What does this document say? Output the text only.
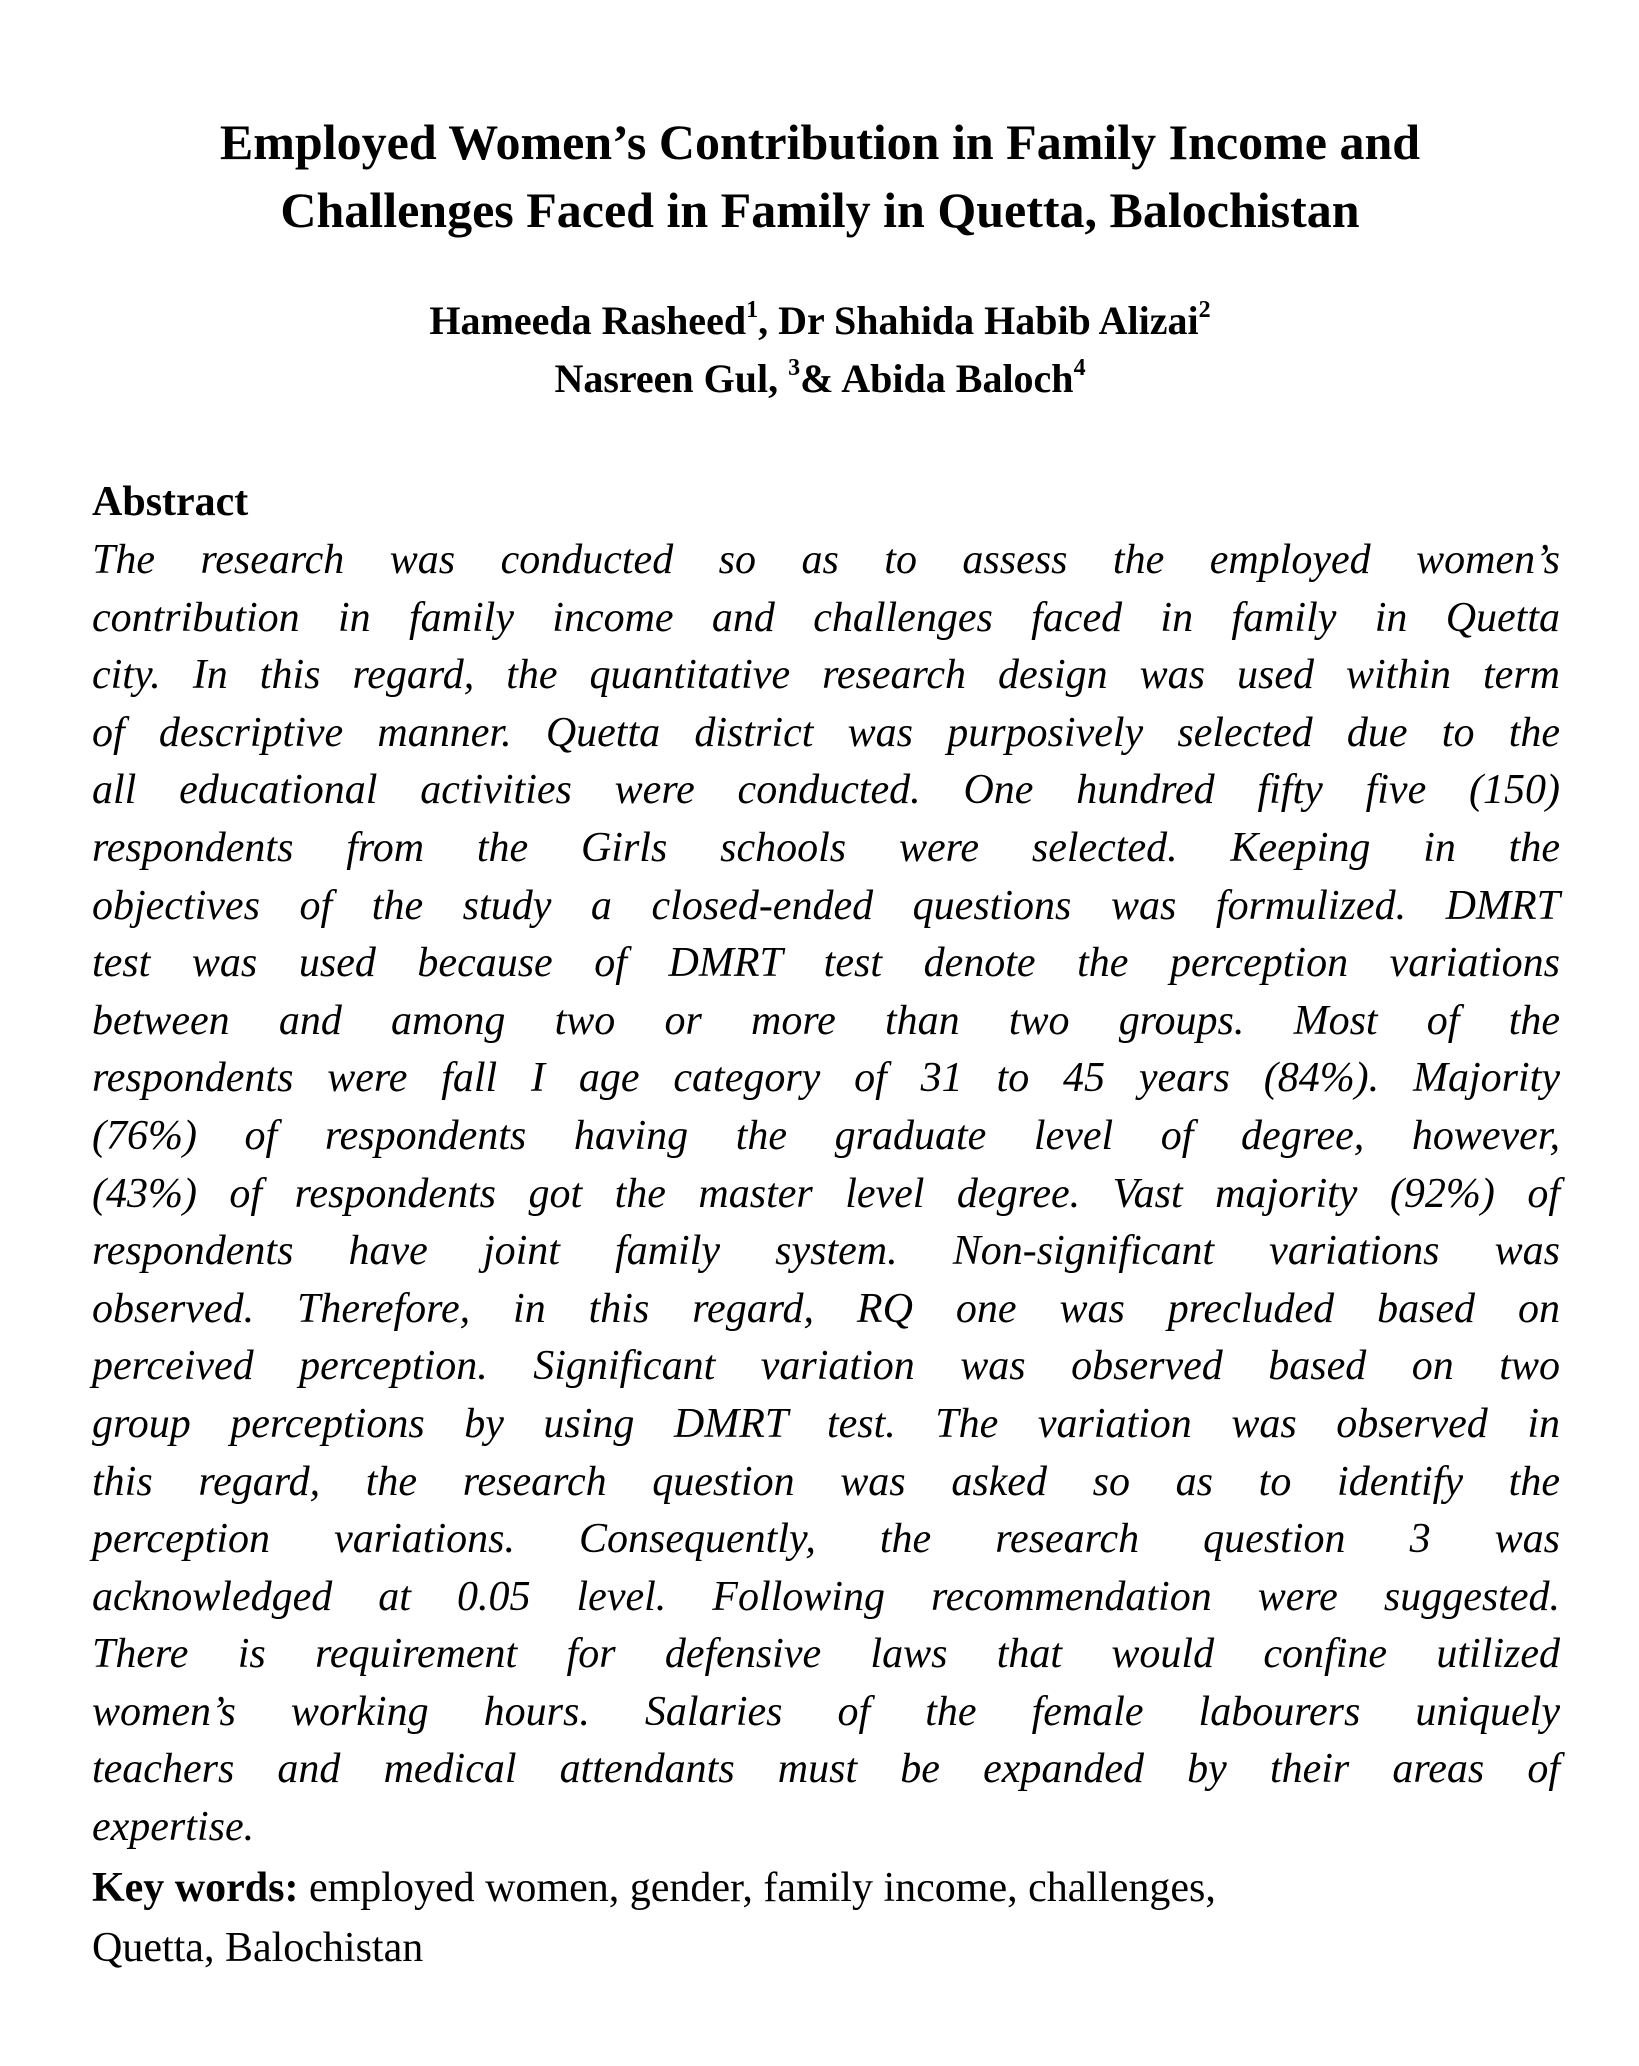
Employed Women’s Contribution in Family Income and
Challenges Faced in Family in Quetta, Balochistan
Hameeda Rasheed$^1$, Dr Shahida Habib Alizai$^2$
Nasreen Gul, $^3$& Abida Baloch$^4$
Abstract
The research was conducted so as to assess the employed women’s
contribution in family income and challenges faced in family in Quetta
city. In this regard, the quantitative research design was used within term
of descriptive manner. Quetta district was purposively selected due to the
all educational activities were conducted. One hundred fifty five (150)
respondents from the Girls schools were selected. Keeping in the
objectives of the study a closed-ended questions was formulized. DMRT
test was used because of DMRT test denote the perception variations
between and among two or more than two groups. Most of the
respondents were fall I age category of 31 to 45 years (84%). Majority
(76%) of respondents having the graduate level of degree, however,
(43%) of respondents got the master level degree. Vast majority (92%) of
respondents have joint family system. Non-significant variations was
observed. Therefore, in this regard, RQ one was precluded based on
perceived perception. Significant variation was observed based on two
group perceptions by using DMRT test. The variation was observed in
this regard, the research question was asked so as to identify the
perception variations. Consequently, the research question 3 was
acknowledged at 0.05 level. Following recommendation were suggested.
There is requirement for defensive laws that would confine utilized
women’s working hours. Salaries of the female labourers uniquely
teachers and medical attendants must be expanded by their areas of
expertise.
Key words: employed women, gender, family income, challenges,
Quetta, Balochistan
